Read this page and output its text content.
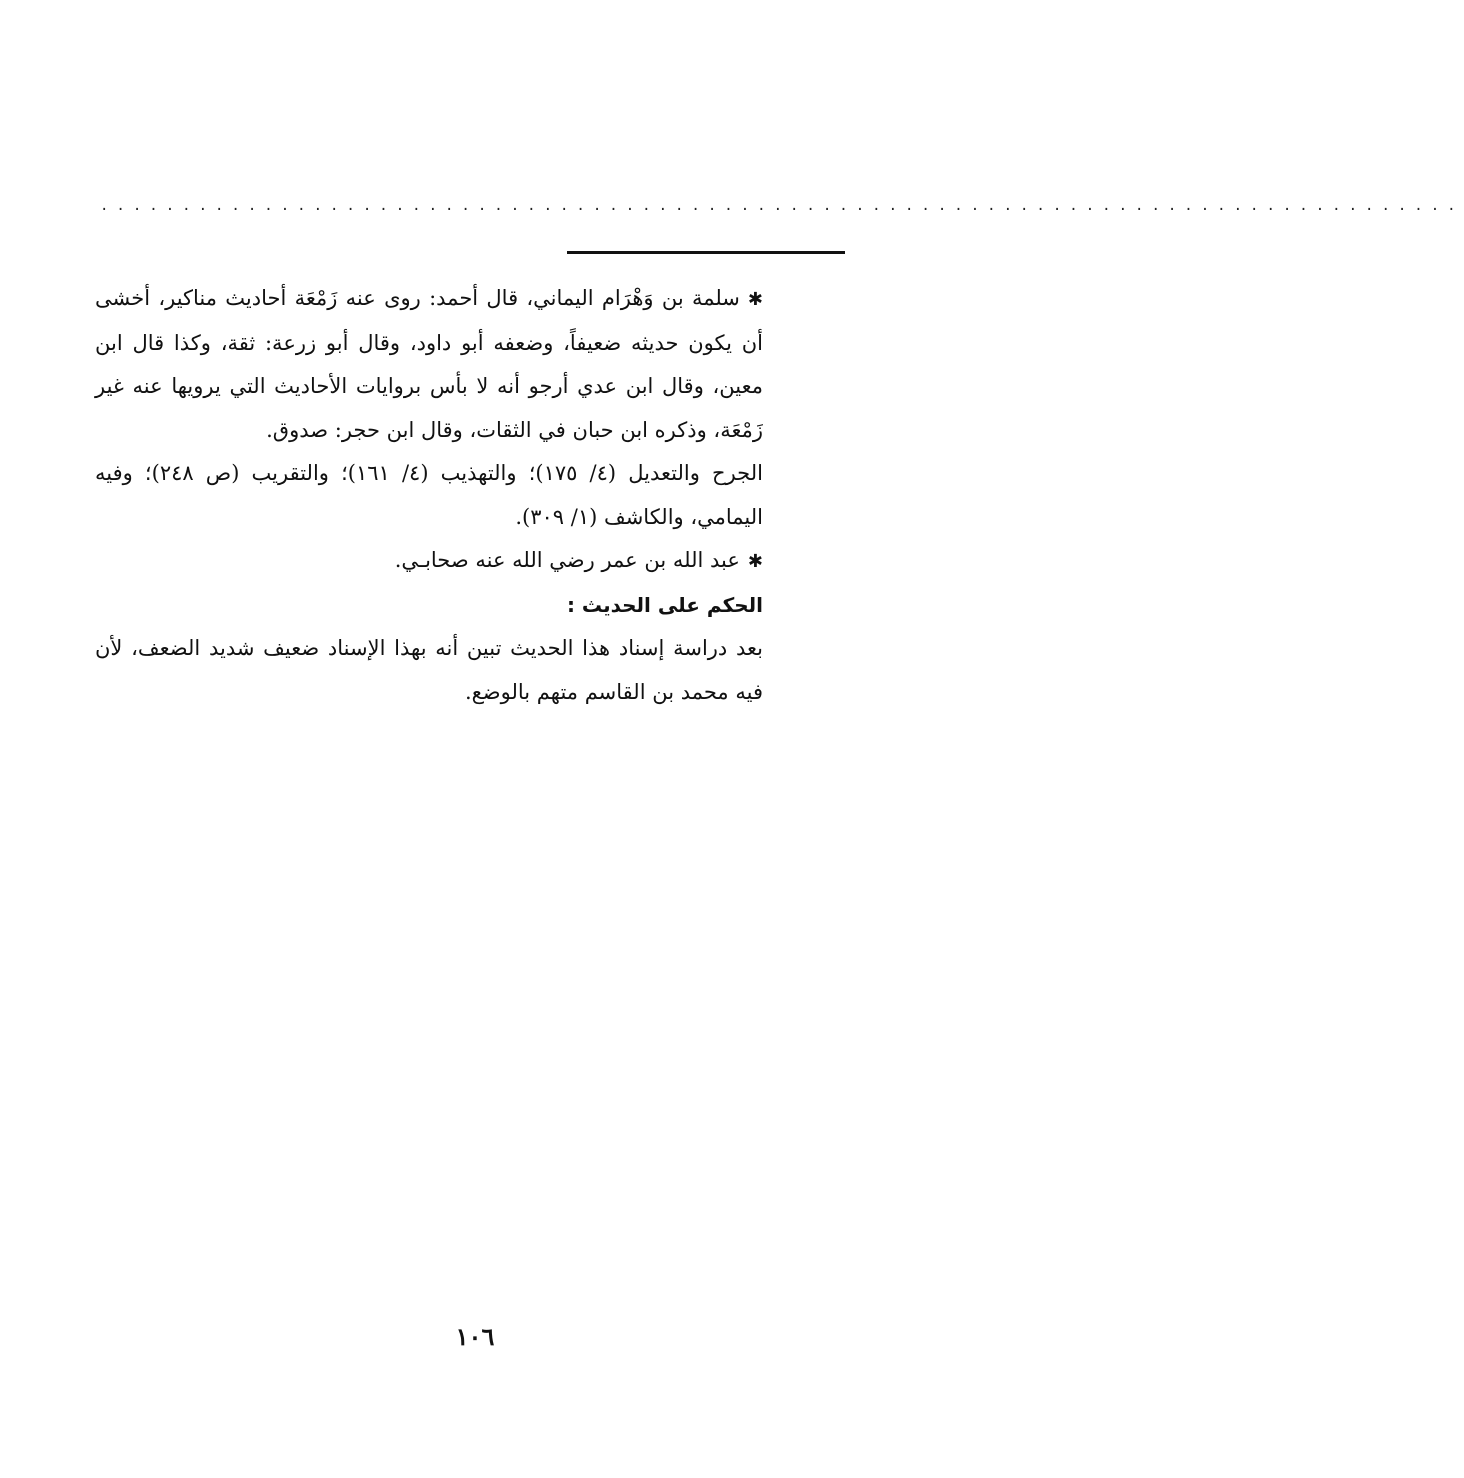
...................................................................................

✱سلمة بن وَهْرَام اليماني، قال أحمد: روى عنه زَمْعَة أحاديث مناكير، أخشى أن يكون حديثه ضعيفاً، وضعفه أبو داود، وقال أبو زرعة: ثقة، وكذا قال ابن معين، وقال ابن عدي أرجو أنه لا بأس بروايات الأحاديث التي يرويها عنه غير زَمْعَة، وذكره ابن حبان في الثقات، وقال ابن حجر: صدوق.

الجرح والتعديل (٤/ ١٧٥)؛ والتهذيب (٤/ ١٦١)؛ والتقريب (ص ٢٤٨)؛ وفيه اليمامي، والكاشف (١/ ٣٠٩).

✱عبد الله بن عمر رضي الله عنه صحابـي.

الحكم على الحديث :

بعد دراسة إسناد هذا الحديث تبين أنه بهذا الإسناد ضعيف شديد الضعف، لأن فيه محمد بن القاسم متهم بالوضع.

١٠٦
